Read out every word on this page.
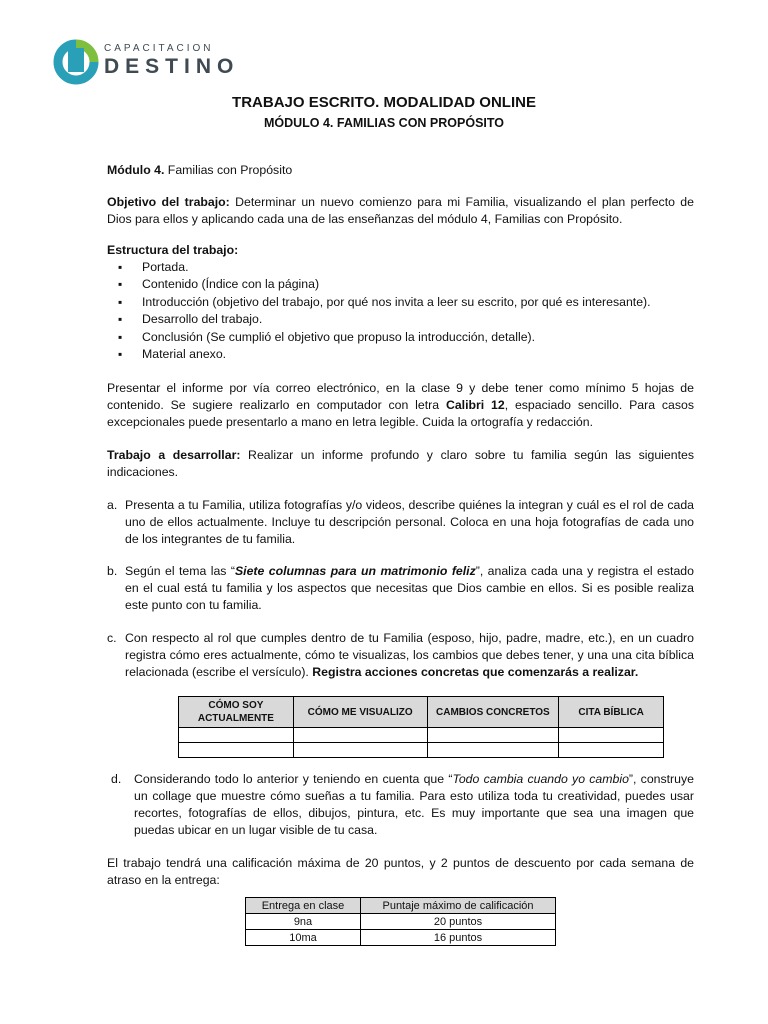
CAPACITACION
DESTINO
TRABAJO ESCRITO. MODALIDAD ONLINE
MÓDULO 4. FAMILIAS CON PROPÓSITO
Módulo 4. Familias con Propósito
Objetivo del trabajo: Determinar un nuevo comienzo para mi Familia, visualizando el plan perfecto de Dios para ellos y aplicando cada una de las enseñanzas del módulo 4, Familias con Propósito.
Estructura del trabajo:
▪ Portada.
▪ Contenido (Índice con la página)
▪ Introducción (objetivo del trabajo, por qué nos invita a leer su escrito, por qué es interesante).
▪ Desarrollo del trabajo.
▪ Conclusión (Se cumplió el objetivo que propuso la introducción, detalle).
▪ Material anexo.
Presentar el informe por vía correo electrónico, en la clase 9 y debe tener como mínimo 5 hojas de contenido. Se sugiere realizarlo en computador con letra Calibri 12, espaciado sencillo. Para casos excepcionales puede presentarlo a mano en letra legible. Cuida la ortografía y redacción.
Trabajo a desarrollar: Realizar un informe profundo y claro sobre tu familia según las siguientes indicaciones.
a. Presenta a tu Familia, utiliza fotografías y/o videos, describe quiénes la integran y cuál es el rol de cada uno de ellos actualmente. Incluye tu descripción personal. Coloca en una hoja fotografías de cada uno de los integrantes de tu familia.
b. Según el tema las “Siete columnas para un matrimonio feliz”, analiza cada una y registra el estado en el cual está tu familia y los aspectos que necesitas que Dios cambie en ellos. Si es posible realiza este punto con tu familia.
c. Con respecto al rol que cumples dentro de tu Familia (esposo, hijo, padre, madre, etc.), en un cuadro registra cómo eres actualmente, cómo te visualizas, los cambios que debes tener, y una una cita bíblica relacionada (escribe el versículo). Registra acciones concretas que comenzarás a realizar.
CÓMO SOY ACTUALMENTE	CÓMO ME VISUALIZO	CAMBIOS CONCRETOS	CITA BÍBLICA

d. Considerando todo lo anterior y teniendo en cuenta que “Todo cambia cuando yo cambio”, construye un collage que muestre cómo sueñas a tu familia. Para esto utiliza toda tu creatividad, puedes usar recortes, fotografías de ellos, dibujos, pintura, etc. Es muy importante que sea una imagen que puedas ubicar en un lugar visible de tu casa.
El trabajo tendrá una calificación máxima de 20 puntos, y 2 puntos de descuento por cada semana de atraso en la entrega:
Entrega en clase	Puntaje máximo de calificación
9na	20 puntos
10ma	16 puntos
